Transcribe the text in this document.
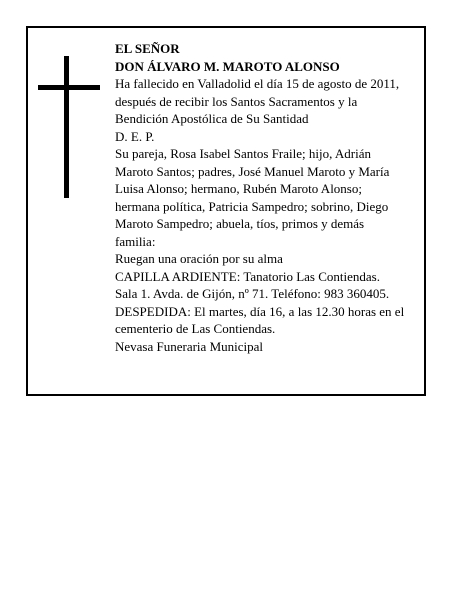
EL SEÑOR
DON ÁLVARO M. MAROTO ALONSO
Ha fallecido en Valladolid el día 15 de agosto de 2011,
después de recibir los Santos Sacramentos y la
Bendición Apostólica de Su Santidad
D. E. P.
Su pareja, Rosa Isabel Santos Fraile; hijo, Adrián
Maroto Santos; padres, José Manuel Maroto y María
Luisa Alonso; hermano, Rubén Maroto Alonso;
hermana política, Patricia Sampedro; sobrino, Diego
Maroto Sampedro; abuela, tíos, primos y demás
familia:
Ruegan una oración por su alma
CAPILLA ARDIENTE: Tanatorio Las Contiendas.
Sala 1. Avda. de Gijón, nº 71. Teléfono: 983 360405.
DESPEDIDA: El martes, día 16, a las 12.30 horas en el
cementerio de Las Contiendas.
Nevasa Funeraria Municipal
